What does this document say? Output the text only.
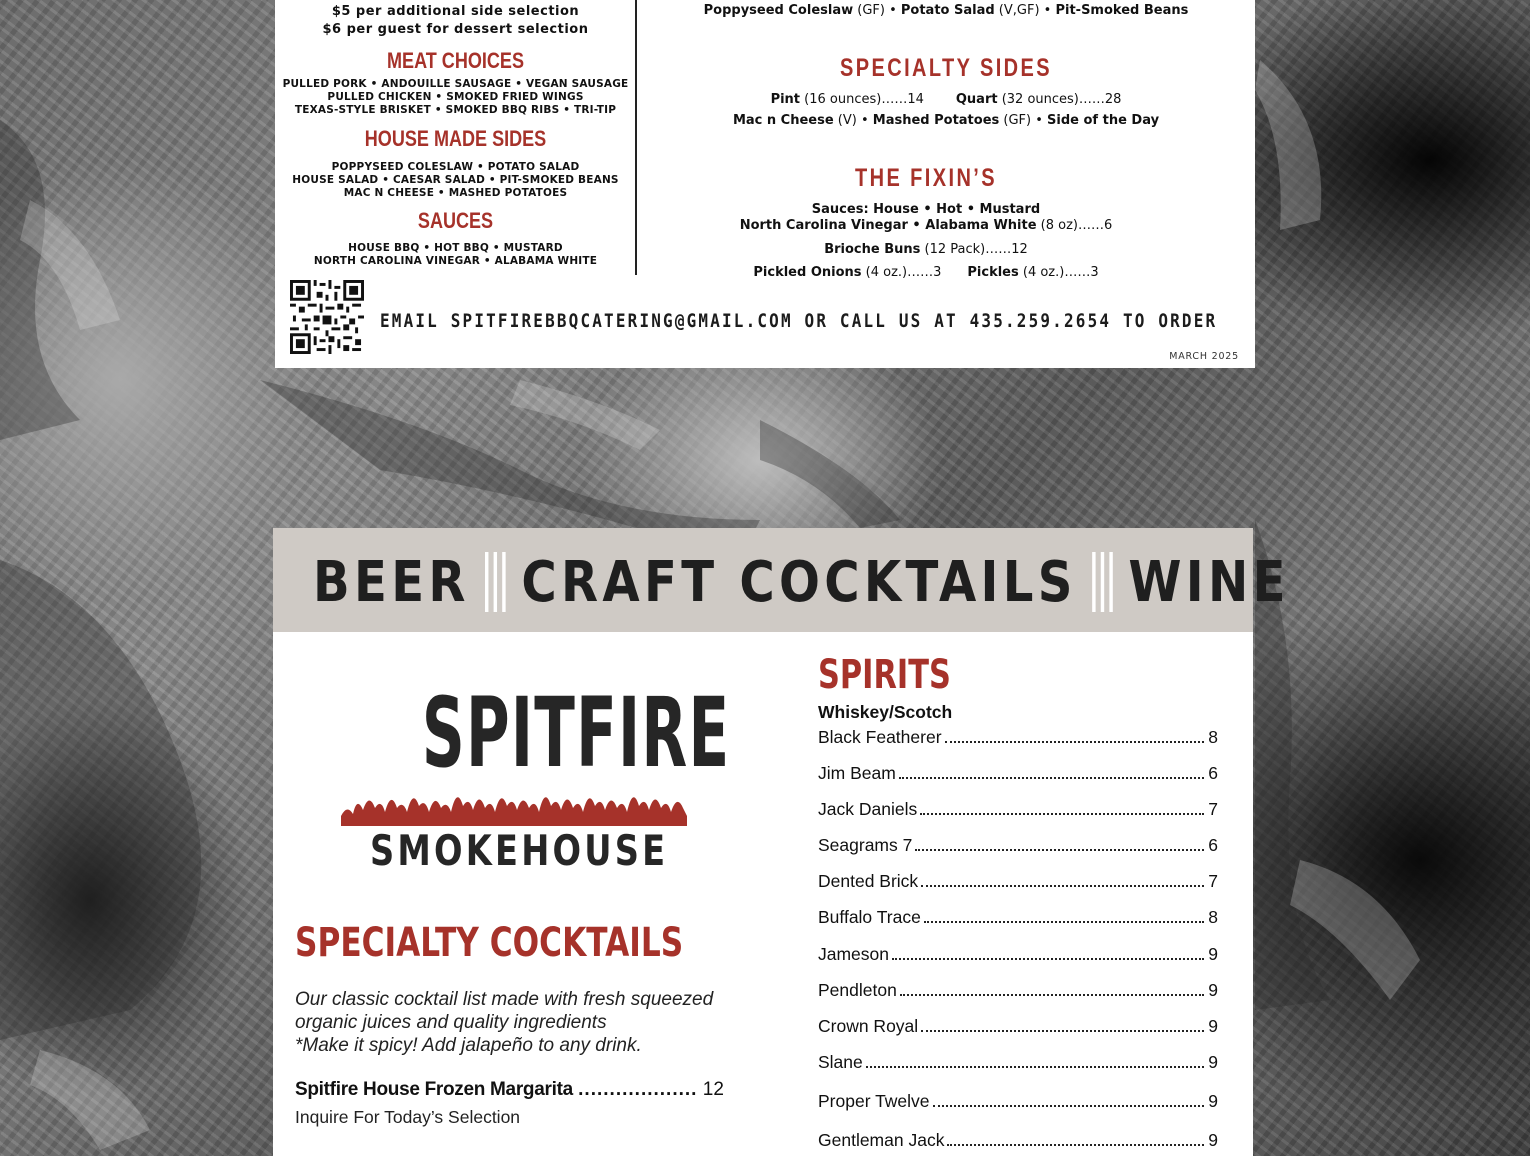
$5 per additional side selection
$6 per guest for dessert selection
MEAT CHOICES
PULLED PORK • ANDOUILLE SAUSAGE • VEGAN SAUSAGE
PULLED CHICKEN • SMOKED FRIED WINGS
TEXAS-STYLE BRISKET • SMOKED BBQ RIBS • TRI-TIP
HOUSE MADE SIDES
POPPYSEED COLESLAW • POTATO SALAD
HOUSE SALAD • CAESAR SALAD • PIT-SMOKED BEANS
MAC N CHEESE • MASHED POTATOES
SAUCES
HOUSE BBQ • HOT BBQ • MUSTARD
NORTH CAROLINA VINEGAR • ALABAMA WHITE
Poppyseed Coleslaw (GF) • Potato Salad (V,GF) • Pit-Smoked Beans
SPECIALTY SIDES
Pint (16 ounces)……14 Quart (32 ounces)……28
Mac n Cheese (V) • Mashed Potatoes (GF) • Side of the Day
THE FIXIN’S
Sauces: House • Hot • Mustard
North Carolina Vinegar • Alabama White (8 oz)……6
Brioche Buns (12 Pack)……12
Pickled Onions (4 oz.)……3 Pickles (4 oz.)……3
EMAIL SPITFIREBBQCATERING@GMAIL.COM OR CALL US AT 435.259.2654 TO ORDER
MARCH 2025
BEER CRAFT COCKTAILS WINE
SPITFIRE
SMOKEHOUSE
SPECIALTY COCKTAILS
Our classic cocktail list made with fresh squeezed
organic juices and quality ingredients
*Make it spicy! Add jalapeño to any drink.
Spitfire House Frozen Margarita ................... 12
Inquire For Today’s Selection
SPIRITS
Whiskey/Scotch
Black Featherer	8
Jim Beam	6
Jack Daniels	7
Seagrams 7	6
Dented Brick	7
Buffalo Trace	8
Jameson	9
Pendleton	9
Crown Royal	9
Slane	9
Proper Twelve	9
Gentleman Jack	9
